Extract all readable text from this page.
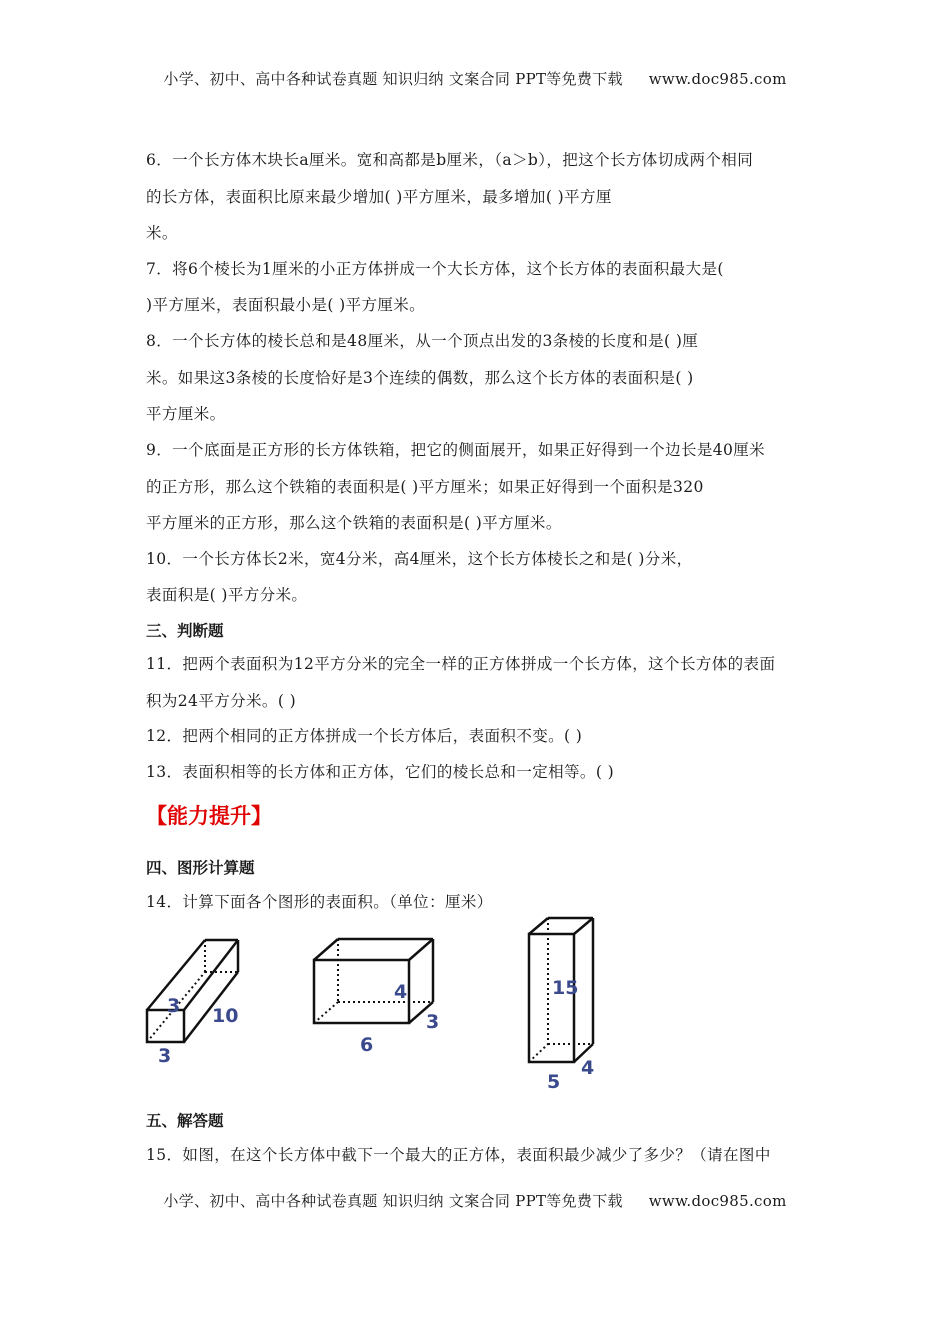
小学、初中、高中各种试卷真题 知识归纳 文案合同 PPT等免费下载 www.doc985.com
6．一个长方体木块长a厘米。宽和高都是b厘米，（a＞b），把这个长方体切成两个相同
的长方体，表面积比原来最少增加( )平方厘米，最多增加( )平方厘
米。
7．将6个棱长为1厘米的小正方体拼成一个大长方体，这个长方体的表面积最大是(
)平方厘米，表面积最小是( )平方厘米。
8．一个长方体的棱长总和是48厘米，从一个顶点出发的3条棱的长度和是( )厘
米。如果这3条棱的长度恰好是3个连续的偶数，那么这个长方体的表面积是( )
平方厘米。
9．一个底面是正方形的长方体铁箱，把它的侧面展开，如果正好得到一个边长是40厘米
的正方形，那么这个铁箱的表面积是( )平方厘米；如果正好得到一个面积是320
平方厘米的正方形，那么这个铁箱的表面积是( )平方厘米。
10．一个长方体长2米，宽4分米，高4厘米，这个长方体棱长之和是( )分米，
表面积是( )平方分米。
三、判断题
11．把两个表面积为12平方分米的完全一样的正方体拼成一个长方体，这个长方体的表面
积为24平方分米。( )
12．把两个相同的正方体拼成一个长方体后，表面积不变。( )
13．表面积相等的长方体和正方体，它们的棱长总和一定相等。( )
【能力提升】
四、图形计算题
14．计算下面各个图形的表面积。（单位：厘米）
3 10
3
4
3
6
15
5
4
五、解答题
15．如图，在这个长方体中截下一个最大的正方体，表面积最少减少了多少？（请在图中
小学、初中、高中各种试卷真题 知识归纳 文案合同 PPT等免费下载 www.doc985.com
